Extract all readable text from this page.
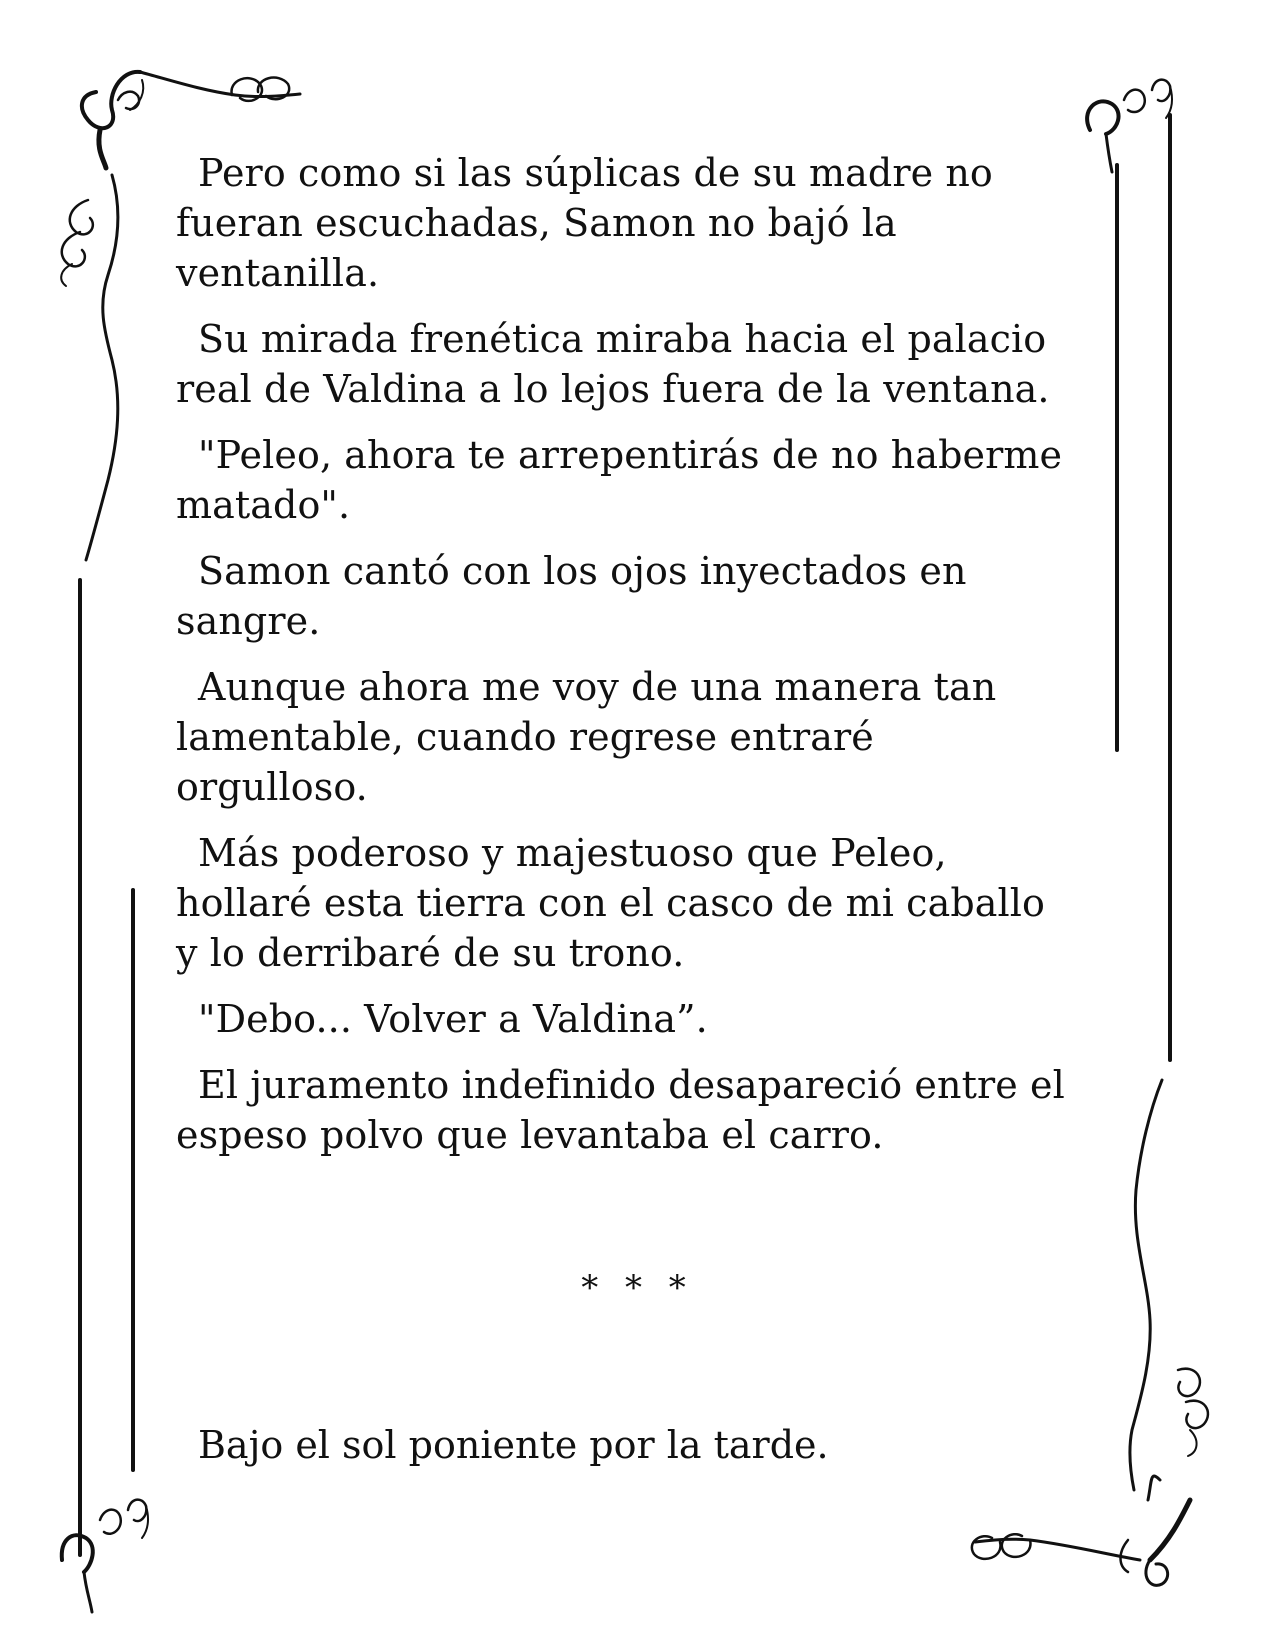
Pero como si las súplicas de su madre no fueran escuchadas, Samon no bajó la ventanilla.

Su mirada frenética miraba hacia el palacio real de Valdina a lo lejos fuera de la ventana.

"Peleo, ahora te arrepentirás de no haberme matado".

Samon cantó con los ojos inyectados en sangre.

Aunque ahora me voy de una manera tan lamentable, cuando regrese entraré orgulloso.

Más poderoso y majestuoso que Peleo, hollaré esta tierra con el casco de mi caballo y lo derribaré de su trono.

"Debo... Volver a Valdina”.

El juramento indefinido desapareció entre el espeso polvo que levantaba el carro.

* * *

Bajo el sol poniente por la tarde.
